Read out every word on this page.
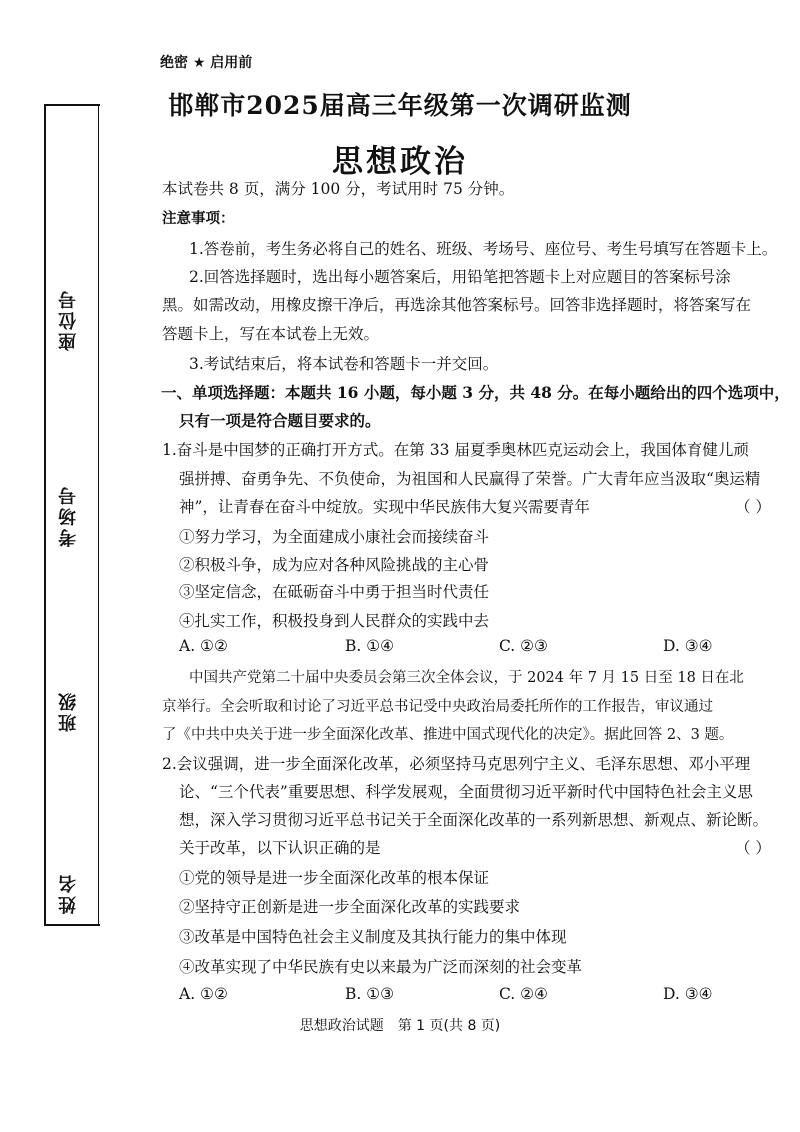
绝密 ★ 启用前
邯郸市2025届高三年级第一次调研监测
思想政治
座位号
考场号
班级
姓名
本试卷共 8 页，满分 100 分，考试用时 75 分钟。
注意事项：
1.答卷前，考生务必将自己的姓名、班级、考场号、座位号、考生号填写在答题卡上。
2.回答选择题时，选出每小题答案后，用铅笔把答题卡上对应题目的答案标号涂
黑。如需改动，用橡皮擦干净后，再选涂其他答案标号。回答非选择题时，将答案写在
答题卡上，写在本试卷上无效。
3.考试结束后，将本试卷和答题卡一并交回。
一、单项选择题：本题共 16 小题，每小题 3 分，共 48 分。在每小题给出的四个选项中，
只有一项是符合题目要求的。
1.奋斗是中国梦的正确打开方式。在第 33 届夏季奥林匹克运动会上，我国体育健儿顽
强拼搏、奋勇争先、不负使命，为祖国和人民赢得了荣誉。广大青年应当汲取“奥运精
神”，让青春在奋斗中绽放。实现中华民族伟大复兴需要青年	（ ）
①努力学习，为全面建成小康社会而接续奋斗
②积极斗争，成为应对各种风险挑战的主心骨
③坚定信念，在砥砺奋斗中勇于担当时代责任
④扎实工作，积极投身到人民群众的实践中去
A. ①②	B. ①④	C. ②③	D. ③④
中国共产党第二十届中央委员会第三次全体会议，于 2024 年 7 月 15 日至 18 日在北
京举行。全会听取和讨论了习近平总书记受中央政治局委托所作的工作报告，审议通过
了《中共中央关于进一步全面深化改革、推进中国式现代化的决定》。据此回答 2、3 题。
2.会议强调，进一步全面深化改革，必须坚持马克思列宁主义、毛泽东思想、邓小平理
论、“三个代表”重要思想、科学发展观，全面贯彻习近平新时代中国特色社会主义思
想，深入学习贯彻习近平总书记关于全面深化改革的一系列新思想、新观点、新论断。
关于改革，以下认识正确的是	（ ）
①党的领导是进一步全面深化改革的根本保证
②坚持守正创新是进一步全面深化改革的实践要求
③改革是中国特色社会主义制度及其执行能力的集中体现
④改革实现了中华民族有史以来最为广泛而深刻的社会变革
A. ①②	B. ①③	C. ②④	D. ③④
思想政治试题　第 1 页(共 8 页)
